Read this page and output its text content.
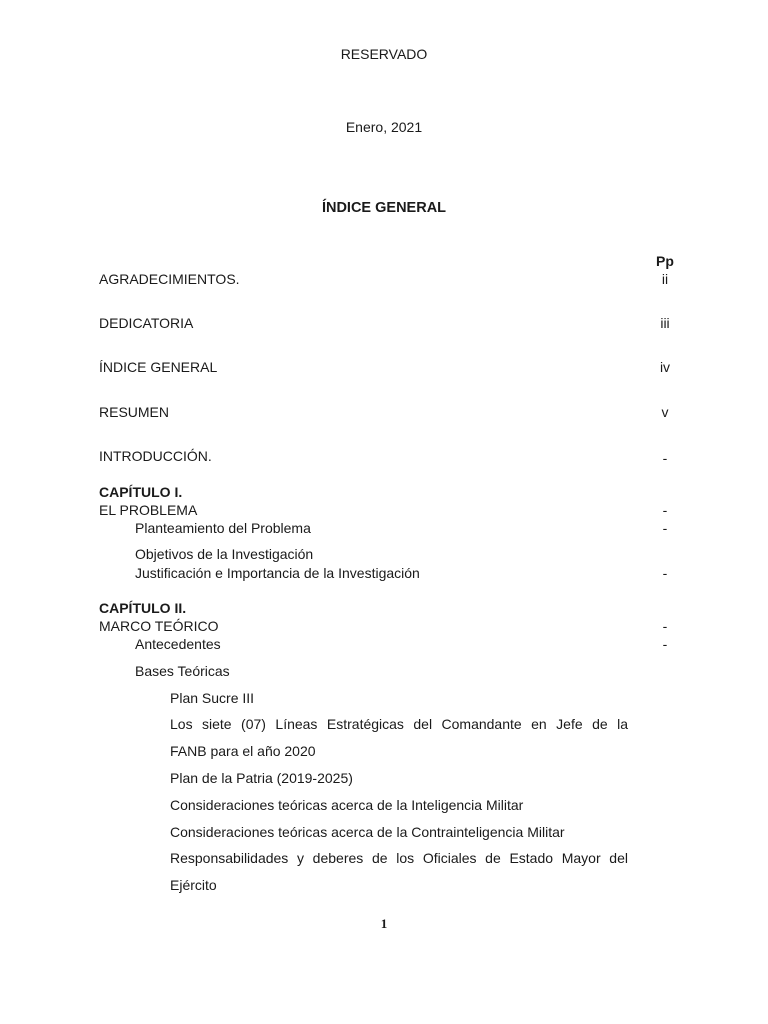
RESERVADO
Enero, 2021
ÍNDICE GENERAL
Pp
AGRADECIMIENTOS.	ii
DEDICATORIA	iii
ÍNDICE GENERAL	iv
RESUMEN	v
INTRODUCCIÓN.	-
CAPÍTULO I.
EL PROBLEMA	-
Planteamiento del Problema	-
Objetivos de la Investigación
Justificación e Importancia de la Investigación	-
CAPÍTULO II.
MARCO TEÓRICO	-
Antecedentes	-
Bases Teóricas
Plan Sucre III
Los siete (07) Líneas Estratégicas del Comandante en Jefe de la
FANB para el año 2020
Plan de la Patria (2019-2025)
Consideraciones teóricas acerca de la Inteligencia Militar
Consideraciones teóricas acerca de la Contrainteligencia Militar
Responsabilidades y deberes de los Oficiales de Estado Mayor del
Ejército
1
